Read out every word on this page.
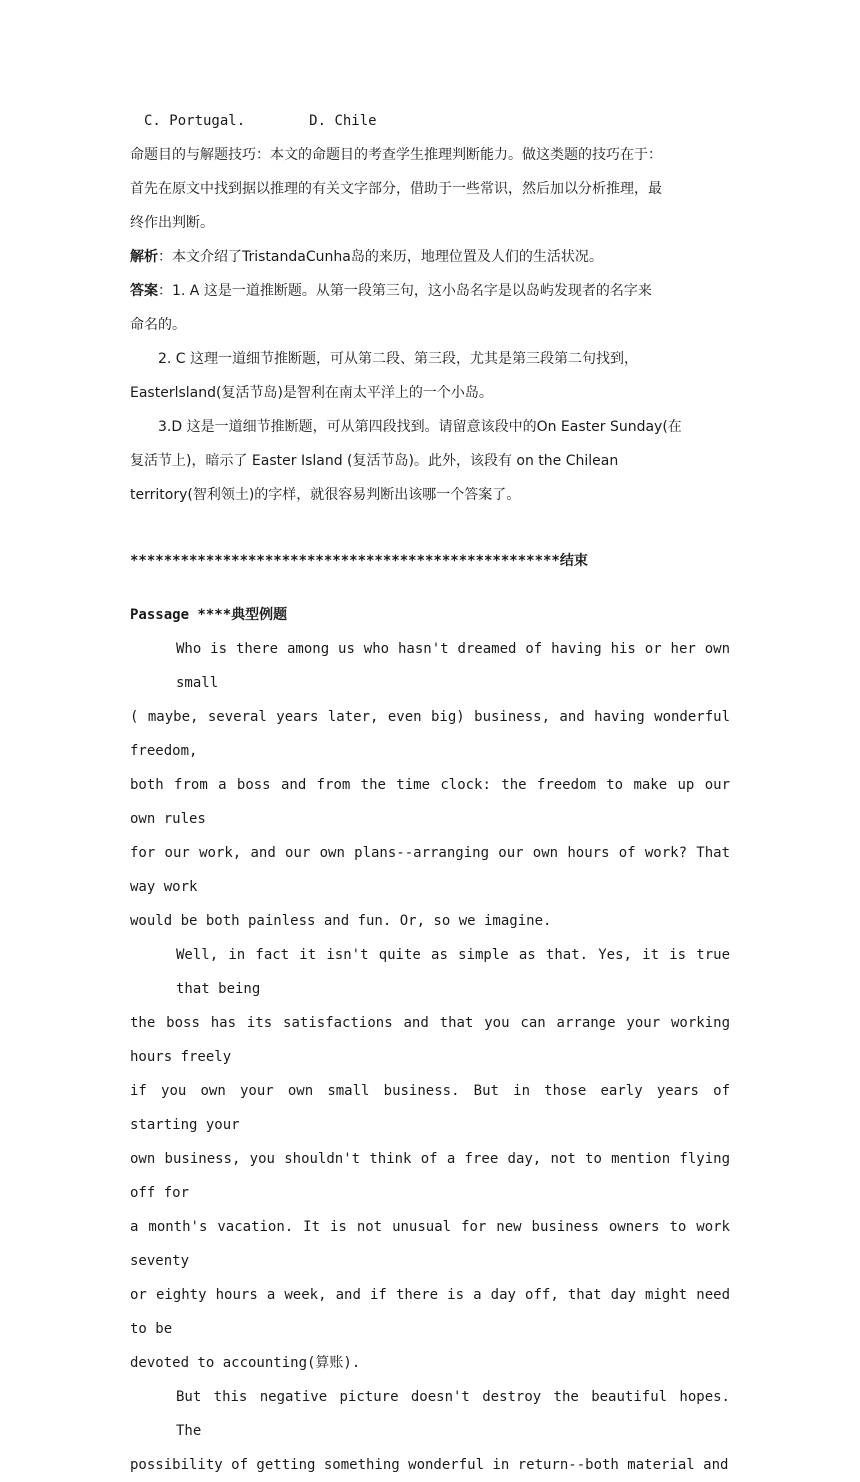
C. Portugal.	D. Chile

命题目的与解题技巧：本文的命题目的考查学生推理判断能力。做这类题的技巧在于：

首先在原文中找到据以推理的有关文字部分，借助于一些常识，然后加以分析推理，最

终作出判断。

解析：本文介绍了TristandaCunha岛的来历，地理位置及人们的生活状况。

答案：1. A 这是一道推断题。从第一段第三句，这小岛名字是以岛屿发现者的名字来

命名的。

2. C 这理一道细节推断题，可从第二段、第三段，尤其是第三段第二句找到，

Easterlsland(复活节岛)是智利在南太平洋上的一个小岛。

3.D 这是一道细节推断题，可从第四段找到。请留意该段中的On Easter Sunday(在

复活节上)，暗示了 Easter Island (复活节岛)。此外，该段有 on the Chilean

territory(智利领土)的字样，就很容易判断出该哪一个答案了。

***************************************************结束

Passage ****典型例题

Who is there among us who hasn't dreamed of having his or her own small

( maybe, several years later, even big) business, and having wonderful freedom,

both from a boss and from the time clock: the freedom to make up our own rules

for our work, and our own plans--arranging our own hours of work? That way work

would be both painless and fun. Or, so we imagine.

Well, in fact it isn't quite as simple as that. Yes, it is true that being

the boss has its satisfactions and that you can arrange your working hours freely

if you own your own small business. But in those early years of starting your

own business, you shouldn't think of a free day, not to mention flying off for

a month's vacation. It is not unusual for new business owners to work seventy

or eighty hours a week, and if there is a day off, that day might need to be

devoted to accounting(算账).

But this negative picture doesn't destroy the beautiful hopes. The

possibility of getting something wonderful in return--both material and
